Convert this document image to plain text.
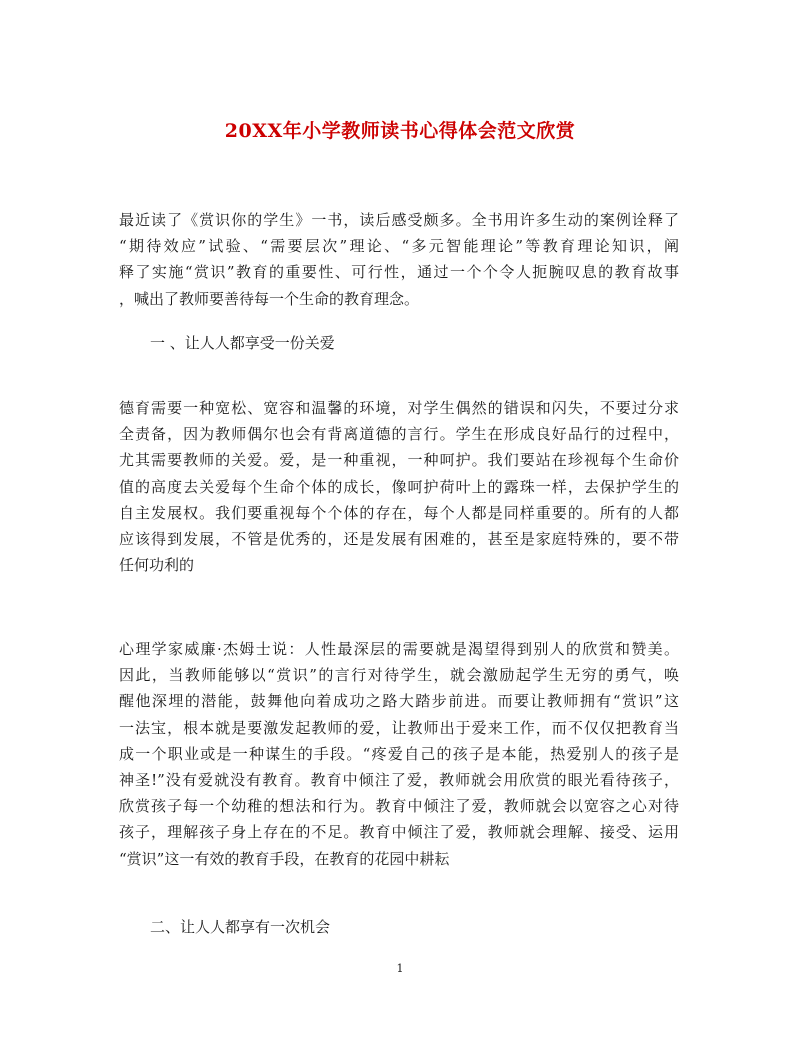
20XX年小学教师读书心得体会范文欣赏
最近读了《赏识你的学生》一书，读后感受颇多。全书用许多生动的案例诠释了
“期待效应”试验、“需要层次”理论、“多元智能理论”等教育理论知识，阐
释了实施“赏识”教育的重要性、可行性，通过一个个令人扼腕叹息的教育故事
，喊出了教师要善待每一个生命的教育理念。
一 、让人人都享受一份关爱
德育需要一种宽松、宽容和温馨的环境，对学生偶然的错误和闪失，不要过分求
全责备，因为教师偶尔也会有背离道德的言行。学生在形成良好品行的过程中，
尤其需要教师的关爱。爱，是一种重视，一种呵护。我们要站在珍视每个生命价
值的高度去关爱每个生命个体的成长，像呵护荷叶上的露珠一样，去保护学生的
自主发展权。我们要重视每个个体的存在，每个人都是同样重要的。所有的人都
应该得到发展，不管是优秀的，还是发展有困难的，甚至是家庭特殊的，要不带
任何功利的
心理学家威廉·杰姆士说：人性最深层的需要就是渴望得到别人的欣赏和赞美。
因此，当教师能够以“赏识”的言行对待学生，就会激励起学生无穷的勇气，唤
醒他深埋的潜能，鼓舞他向着成功之路大踏步前进。而要让教师拥有“赏识”这
一法宝，根本就是要激发起教师的爱，让教师出于爱来工作，而不仅仅把教育当
成一个职业或是一种谋生的手段。“疼爱自己的孩子是本能，热爱别人的孩子是
神圣!”没有爱就没有教育。教育中倾注了爱，教师就会用欣赏的眼光看待孩子，
欣赏孩子每一个幼稚的想法和行为。教育中倾注了爱，教师就会以宽容之心对待
孩子，理解孩子身上存在的不足。教育中倾注了爱，教师就会理解、接受、运用
“赏识”这一有效的教育手段，在教育的花园中耕耘
二、让人人都享有一次机会
1
